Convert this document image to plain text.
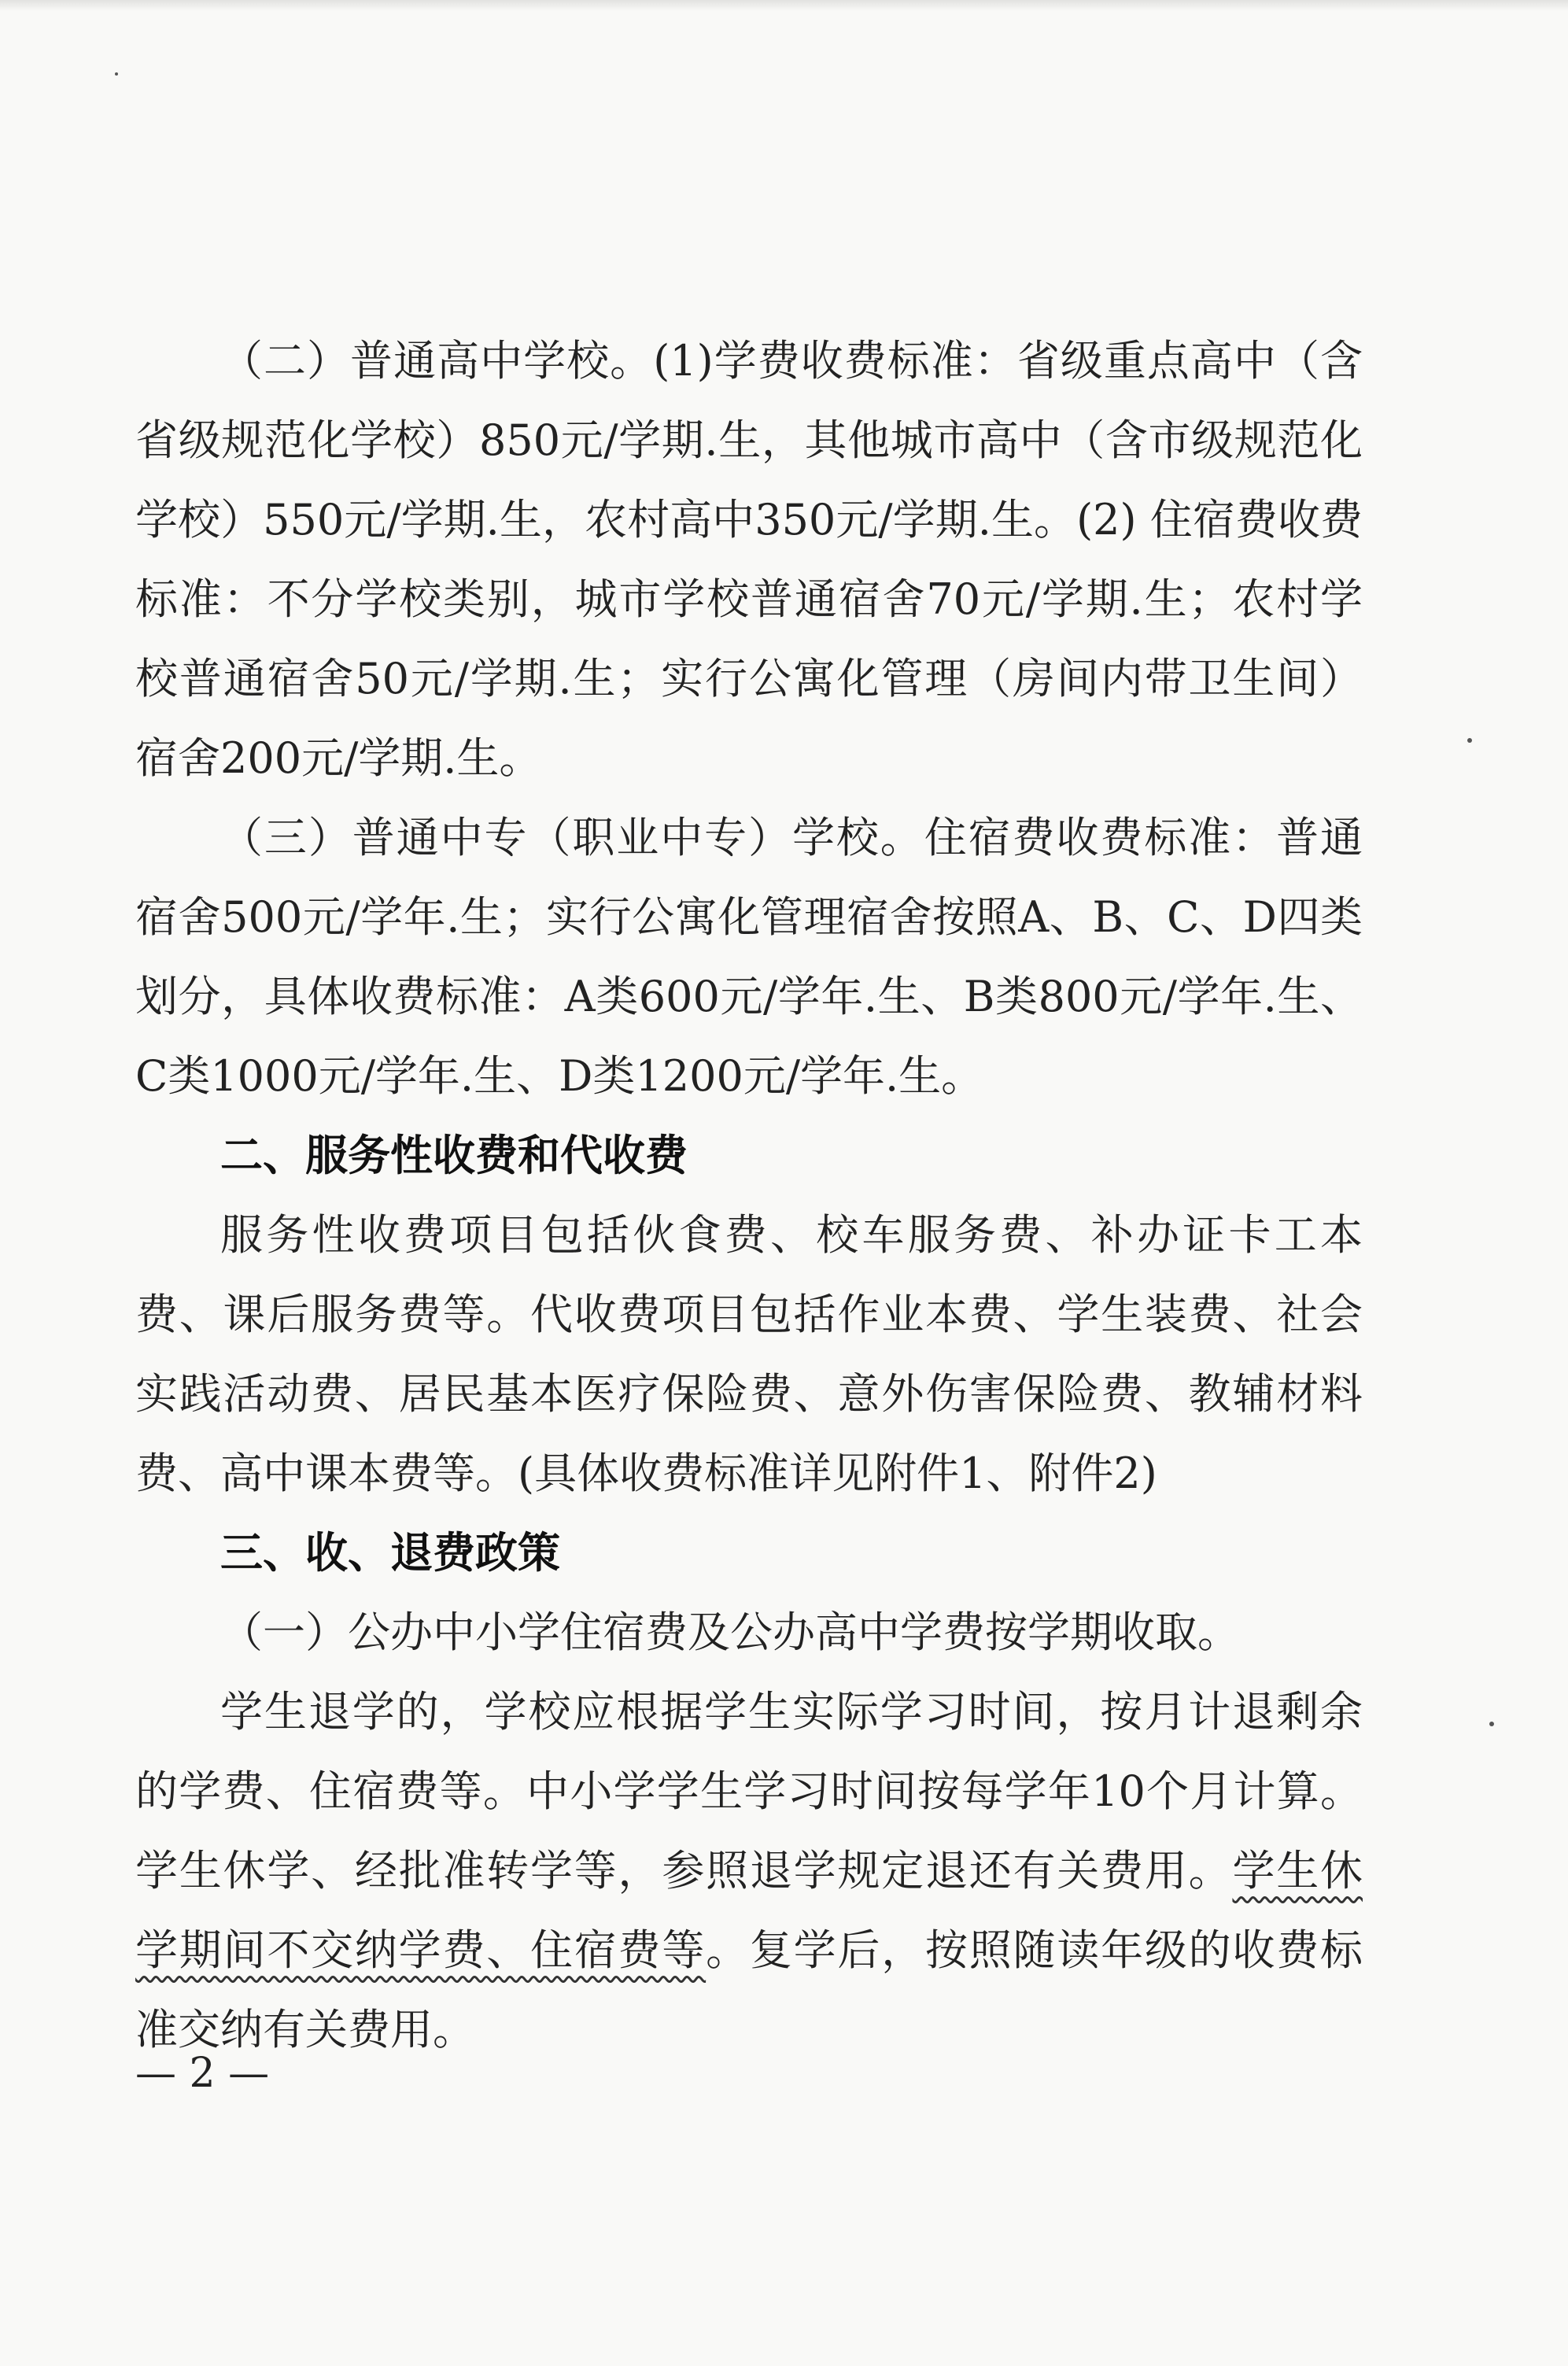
（二）普通高中学校。(1)学费收费标准：省级重点高中（含省级规范化学校）850元/学期.生，其他城市高中（含市级规范化学校）550元/学期.生，农村高中350元/学期.生。(2) 住宿费收费标准：不分学校类别，城市学校普通宿舍70元/学期.生；农村学校普通宿舍50元/学期.生；实行公寓化管理（房间内带卫生间）宿舍200元/学期.生。

（三）普通中专（职业中专）学校。住宿费收费标准：普通宿舍500元/学年.生；实行公寓化管理宿舍按照A、B、C、D四类划分，具体收费标准：A类600元/学年.生、B类800元/学年.生、C类1000元/学年.生、D类1200元/学年.生。

二、服务性收费和代收费

服务性收费项目包括伙食费、校车服务费、补办证卡工本费、课后服务费等。代收费项目包括作业本费、学生装费、社会实践活动费、居民基本医疗保险费、意外伤害保险费、教辅材料费、高中课本费等。(具体收费标准详见附件1、附件2)

三、收、退费政策

（一）公办中小学住宿费及公办高中学费按学期收取。

学生退学的，学校应根据学生实际学习时间，按月计退剩余的学费、住宿费等。中小学学生学习时间按每学年10个月计算。学生休学、经批准转学等，参照退学规定退还有关费用。学生休学期间不交纳学费、住宿费等。复学后，按照随读年级的收费标准交纳有关费用。

— 2 —
